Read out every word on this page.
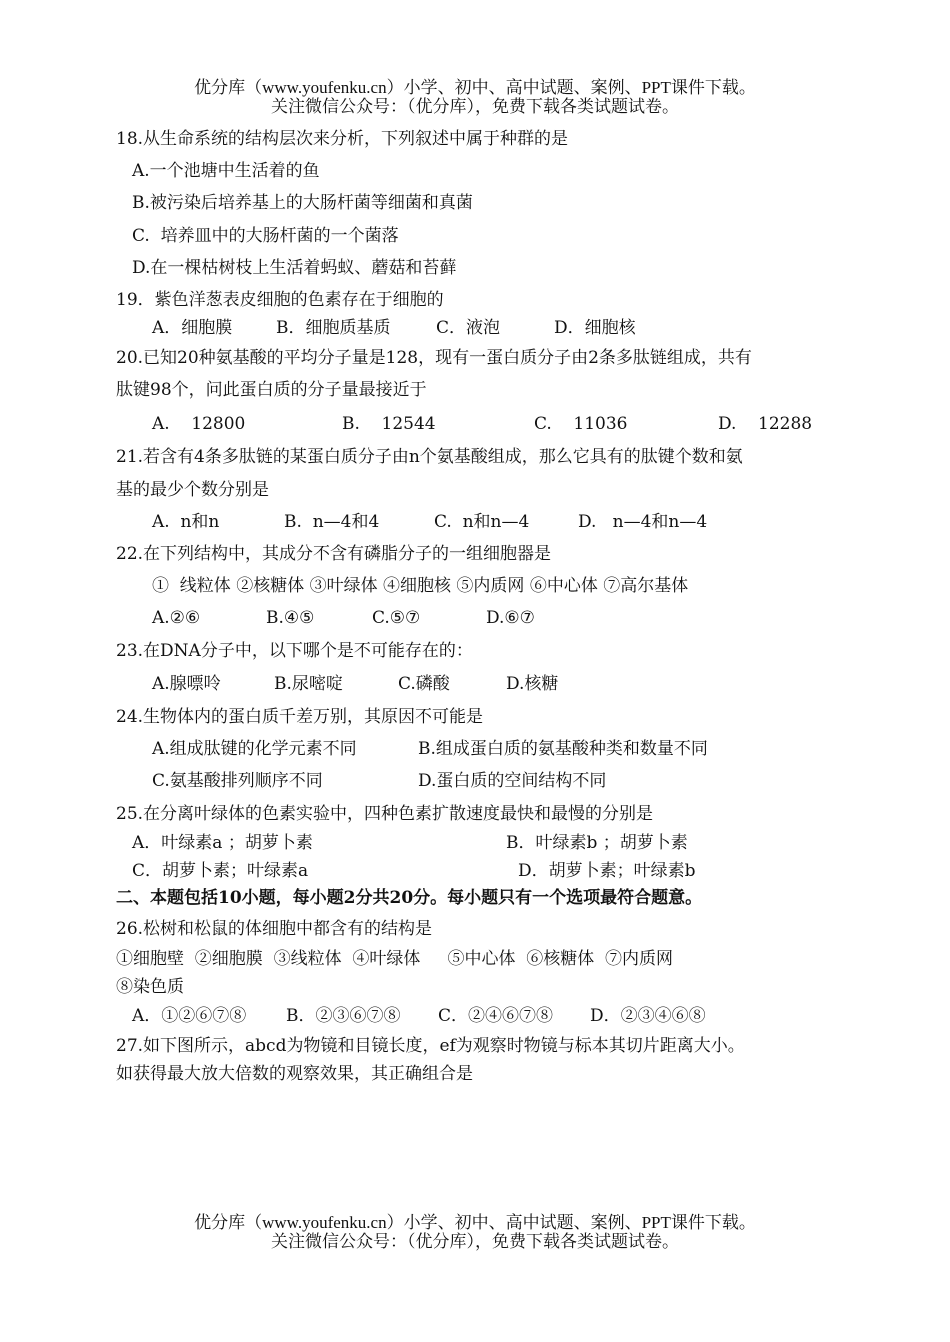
优分库（www.youfenku.cn）小学、初中、高中试题、案例、PPT课件下载。
关注微信公众号：（优分库），免费下载各类试题试卷。
18.从生命系统的结构层次来分析，下列叙述中属于种群的是
A.一个池塘中生活着的鱼
B.被污染后培养基上的大肠杆菌等细菌和真菌
C.  培养皿中的大肠杆菌的一个菌落
D.在一棵枯树枝上生活着蚂蚁、蘑菇和苔藓
19．紫色洋葱表皮细胞的色素存在于细胞的
A．细胞膜	B．细胞质基质	C．液泡	D．细胞核
20.已知20种氨基酸的平均分子量是128，现有一蛋白质分子由2条多肽链组成，共有
肽键98个，问此蛋白质的分子量最接近于
A.    12800	B.    12544	C.    11036	D.    12288
21.若含有4条多肽链的某蛋白质分子由n个氨基酸组成，那么它具有的肽键个数和氨
基的最少个数分别是
A.  n和n	B.  n—4和4	C.  n和n—4	D.   n—4和n—4
22.在下列结构中，其成分不含有磷脂分子的一组细胞器是
①  线粒体 ②核糖体 ③叶绿体 ④细胞核 ⑤内质网 ⑥中心体 ⑦高尔基体
A.②⑥	B.④⑤	C.⑤⑦	D.⑥⑦
23.在DNA分子中，以下哪个是不可能存在的：
A.腺嘌呤	B.尿嘧啶	C.磷酸	D.核糖
24.生物体内的蛋白质千差万别，其原因不可能是
A.组成肽键的化学元素不同	B.组成蛋白质的氨基酸种类和数量不同
C.氨基酸排列顺序不同	D.蛋白质的空间结构不同
25.在分离叶绿体的色素实验中，四种色素扩散速度最快和最慢的分别是
A．叶绿素a ；胡萝卜素	B．叶绿素b ；胡萝卜素
C．胡萝卜素；叶绿素a	D．胡萝卜素；叶绿素b
二、本题包括10小题，每小题2分共20分。每小题只有一个选项最符合题意。
26.松树和松鼠的体细胞中都含有的结构是
①细胞壁  ②细胞膜  ③线粒体  ④叶绿体     ⑤中心体  ⑥核糖体  ⑦内质网
⑧染色质
A．①②⑥⑦⑧ B．②③⑥⑦⑧ C．②④⑥⑦⑧ D．②③④⑥⑧
27.如下图所示，abcd为物镜和目镜长度，ef为观察时物镜与标本其切片距离大小。
如获得最大放大倍数的观察效果，其正确组合是
优分库（www.youfenku.cn）小学、初中、高中试题、案例、PPT课件下载。
关注微信公众号：（优分库），免费下载各类试题试卷。
